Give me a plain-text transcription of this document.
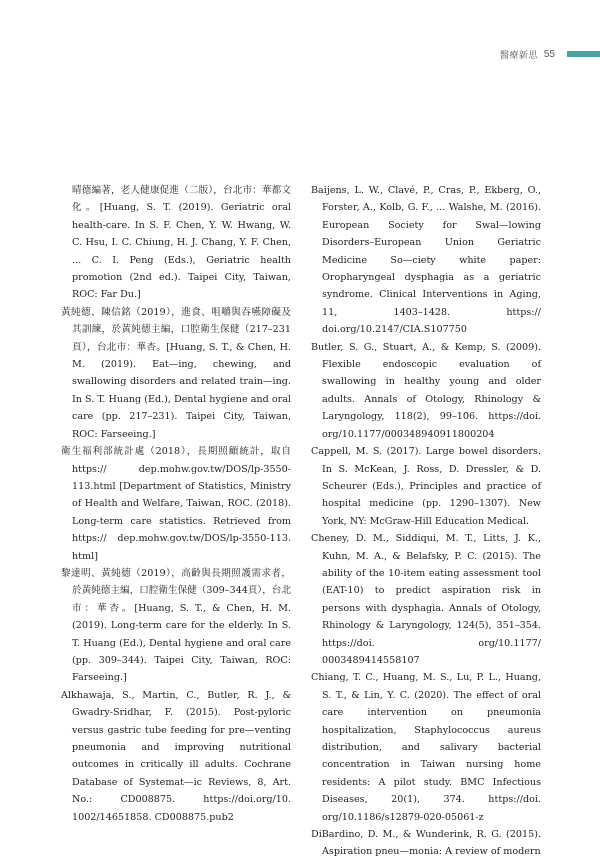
醫療新思 55

晴德編著，老人健康促進（二版），台北市：華都文化。[Huang, S. T. (2019). Geriatric oral health-care. In S. F. Chen, Y. W. Hwang, W. C. Hsu, I. C. Chiung, H. J. Chang, Y. F. Chen, ... C. I. Peng (Eds.), Geriatric health promotion (2nd ed.). Taipei City, Taiwan, ROC: Far Du.]

黃純德、陳信銘（2019），進食、咀嚼與吞嚥障礙及其訓練，於黃純德主編，口腔衛生保健（217–231頁），台北市：華杏。[Huang, S. T., & Chen, H. M. (2019). Eat—ing, chewing, and swallowing disorders and related train—ing. In S. T. Huang (Ed.), Dental hygiene and oral care (pp. 217–231). Taipei City, Taiwan, ROC: Farseeing.]

衛生福利部統計處（2018），長期照顧統計，取自 https:// dep.mohw.gov.tw/DOS/lp-3550-113.html [Department of Statistics, Ministry of Health and Welfare, Taiwan, ROC. (2018). Long-term care statistics. Retrieved from https:// dep.mohw.gov.tw/DOS/lp-3550-113. html]

黎達明、黃純德（2019），高齡與長期照護需求者，於黃純德主編，口腔衛生保健（309–344頁），台北市：華杏。[Huang, S. T., & Chen, H. M. (2019). Long-term care for the elderly. In S. T. Huang (Ed.), Dental hygiene and oral care (pp. 309–344). Taipei City, Taiwan, ROC: Farseeing.]

Alkhawaja, S., Martin, C., Butler, R. J., & Gwadry-Sridhar, F. (2015). Post-pyloric versus gastric tube feeding for pre—venting pneumonia and improving nutritional outcomes in critically ill adults. Cochrane Database of Systemat—ic Reviews, 8, Art. No.: CD008875. https://doi.org/10. 1002/14651858. CD008875.pub2

Baijens, L. W., Clavé, P., Cras, P., Ekberg, O., Forster, A., Kolb, G. F., ... Walshe, M. (2016). European Society for Swal—lowing Disorders–European Union Geriatric Medicine So—ciety white paper: Oropharyngeal dysphagia as a geriatric syndrome. Clinical Interventions in Aging, 11, 1403–1428. https:// doi.org/10.2147/CIA.S107750

Butler, S. G., Stuart, A., & Kemp, S. (2009). Flexible endoscopic evaluation of swallowing in healthy young and older adults. Annals of Otology, Rhinology & Laryngology, 118(2), 99–106. https://doi. org/10.1177/000348940911800204

Cappell, M. S. (2017). Large bowel disorders. In S. McKean, J. Ross, D. Dressler, & D. Scheurer (Eds.), Principles and practice of hospital medicine (pp. 1290–1307). New York, NY: McGraw-Hill Education Medical.

Cheney, D. M., Siddiqui, M. T., Litts, J. K., Kuhn, M. A., & Belafsky, P. C. (2015). The ability of the 10-item eating assessment tool (EAT-10) to predict aspiration risk in persons with dysphagia. Annals of Otology, Rhinology & Laryngology, 124(5), 351–354. https://doi. org/10.1177/ 0003489414558107

Chiang, T. C., Huang, M. S., Lu, P. L., Huang, S. T., & Lin, Y. C. (2020). The effect of oral care intervention on pneumonia hospitalization, Staphylococcus aureus distribution, and salivary bacterial concentration in Taiwan nursing home residents: A pilot study. BMC Infectious Diseases, 20(1), 374. https://doi. org/10.1186/s12879-020-05061-z

DiBardino, D. M., & Wunderink, R. G. (2015). Aspiration pneu—monia: A review of modern
